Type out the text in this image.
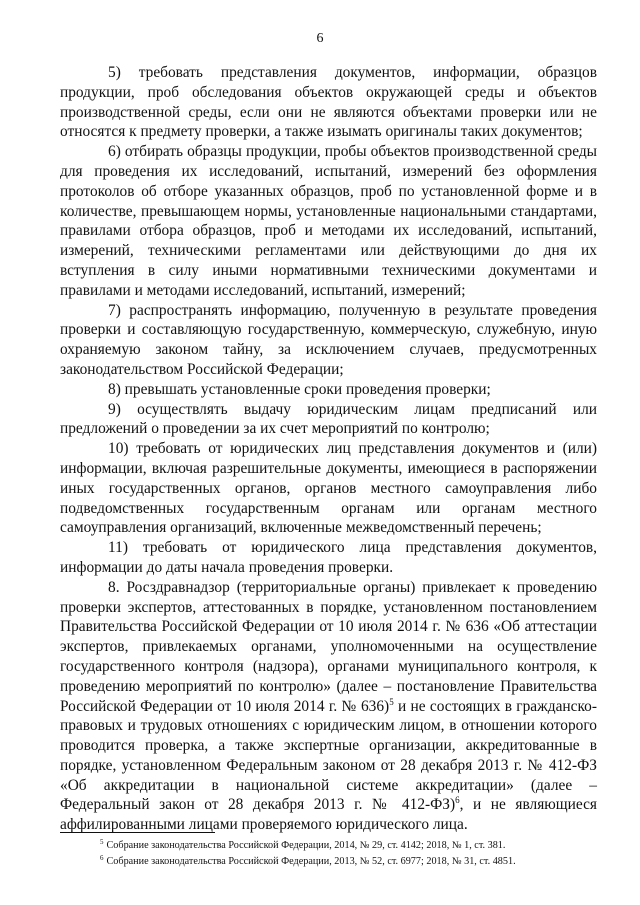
6

5) требовать представления документов, информации, образцов продукции, проб обследования объектов окружающей среды и объектов производственной среды, если они не являются объектами проверки или не относятся к предмету проверки, а также изымать оригиналы таких документов;

6) отбирать образцы продукции, пробы объектов производственной среды для проведения их исследований, испытаний, измерений без оформления протоколов об отборе указанных образцов, проб по установленной форме и в количестве, превышающем нормы, установленные национальными стандартами, правилами отбора образцов, проб и методами их исследований, испытаний, измерений, техническими регламентами или действующими до дня их вступления в силу иными нормативными техническими документами и правилами и методами исследований, испытаний, измерений;

7) распространять информацию, полученную в результате проведения проверки и составляющую государственную, коммерческую, служебную, иную охраняемую законом тайну, за исключением случаев, предусмотренных законодательством Российской Федерации;

8) превышать установленные сроки проведения проверки;

9) осуществлять выдачу юридическим лицам предписаний или предложений о проведении за их счет мероприятий по контролю;

10) требовать от юридических лиц представления документов и (или) информации, включая разрешительные документы, имеющиеся в распоряжении иных государственных органов, органов местного самоуправления либо подведомственных государственным органам или органам местного самоуправления организаций, включенные межведомственный перечень;

11) требовать от юридического лица представления документов, информации до даты начала проведения проверки.

8. Росздравнадзор (территориальные органы) привлекает к проведению проверки экспертов, аттестованных в порядке, установленном постановлением Правительства Российской Федерации от 10 июля 2014 г. № 636 «Об аттестации экспертов, привлекаемых органами, уполномоченными на осуществление государственного контроля (надзора), органами муниципального контроля, к проведению мероприятий по контролю» (далее – постановление Правительства Российской Федерации от 10 июля 2014 г. № 636)$^5$ и не состоящих в гражданско-правовых и трудовых отношениях с юридическим лицом, в отношении которого проводится проверка, а также экспертные организации, аккредитованные в порядке, установленном Федеральным законом от 28 декабря 2013 г. № 412-ФЗ «Об аккредитации в национальной системе аккредитации» (далее – Федеральный закон от 28 декабря 2013 г. № 412-ФЗ)$^6$, и не являющиеся аффилированными лицами проверяемого юридического лица.

$^5$ Собрание законодательства Российской Федерации, 2014, № 29, ст. 4142; 2018, № 1, ст. 381.
$^6$ Собрание законодательства Российской Федерации, 2013, № 52, ст. 6977; 2018, № 31, ст. 4851.
